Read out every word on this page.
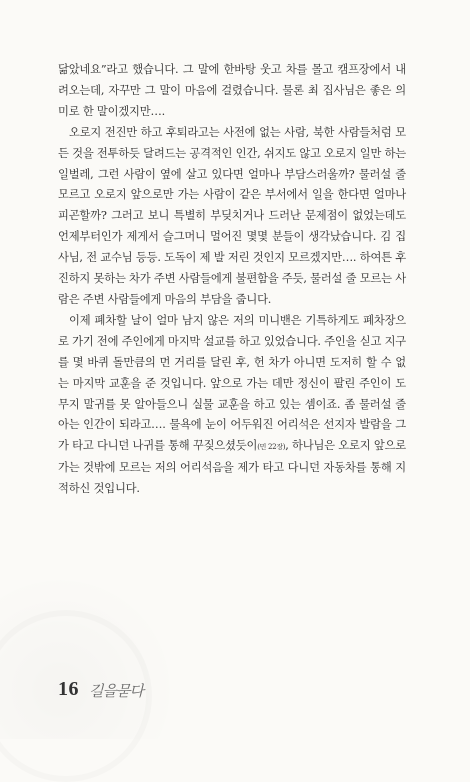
닮았네요”라고 했습니다. 그 말에 한바탕 웃고 차를 몰고 캠프장에서 내려오는데, 자꾸만 그 말이 마음에 걸렸습니다. 물론 최 집사님은 좋은 의미로 한 말이겠지만….

오로지 전진만 하고 후퇴라고는 사전에 없는 사람, 북한 사람들처럼 모든 것을 전투하듯 달려드는 공격적인 인간, 쉬지도 않고 오로지 일만 하는 일벌레, 그런 사람이 옆에 살고 있다면 얼마나 부담스러울까? 물러설 줄 모르고 오로지 앞으로만 가는 사람이 같은 부서에서 일을 한다면 얼마나 피곤할까? 그러고 보니 특별히 부딪치거나 드러난 문제점이 없었는데도 언제부터인가 제게서 슬그머니 멀어진 몇몇 분들이 생각났습니다. 김 집사님, 전 교수님 등등. 도독이 제 발 저린 것인지 모르겠지만…. 하여튼 후진하지 못하는 차가 주변 사람들에게 불편함을 주듯, 물러설 줄 모르는 사람은 주변 사람들에게 마음의 부담을 줍니다.

이제 폐차할 날이 얼마 남지 않은 저의 미니밴은 기특하게도 폐차장으로 가기 전에 주인에게 마지막 설교를 하고 있었습니다. 주인을 싣고 지구를 몇 바퀴 돌만큼의 먼 거리를 달린 후, 헌 차가 아니면 도저히 할 수 없는 마지막 교훈을 준 것입니다. 앞으로 가는 데만 정신이 팔린 주인이 도무지 말귀를 못 알아들으니 실물 교훈을 하고 있는 셈이죠. 좀 물러설 줄 아는 인간이 되라고…. 물욕에 눈이 어두워진 어리석은 선지자 발람을 그가 타고 다니던 나귀를 통해 꾸짖으셨듯이(민 22장), 하나님은 오로지 앞으로 가는 것밖에 모르는 저의 어리석음을 제가 타고 다니던 자동차를 통해 지적하신 것입니다.

16 길을묻다
